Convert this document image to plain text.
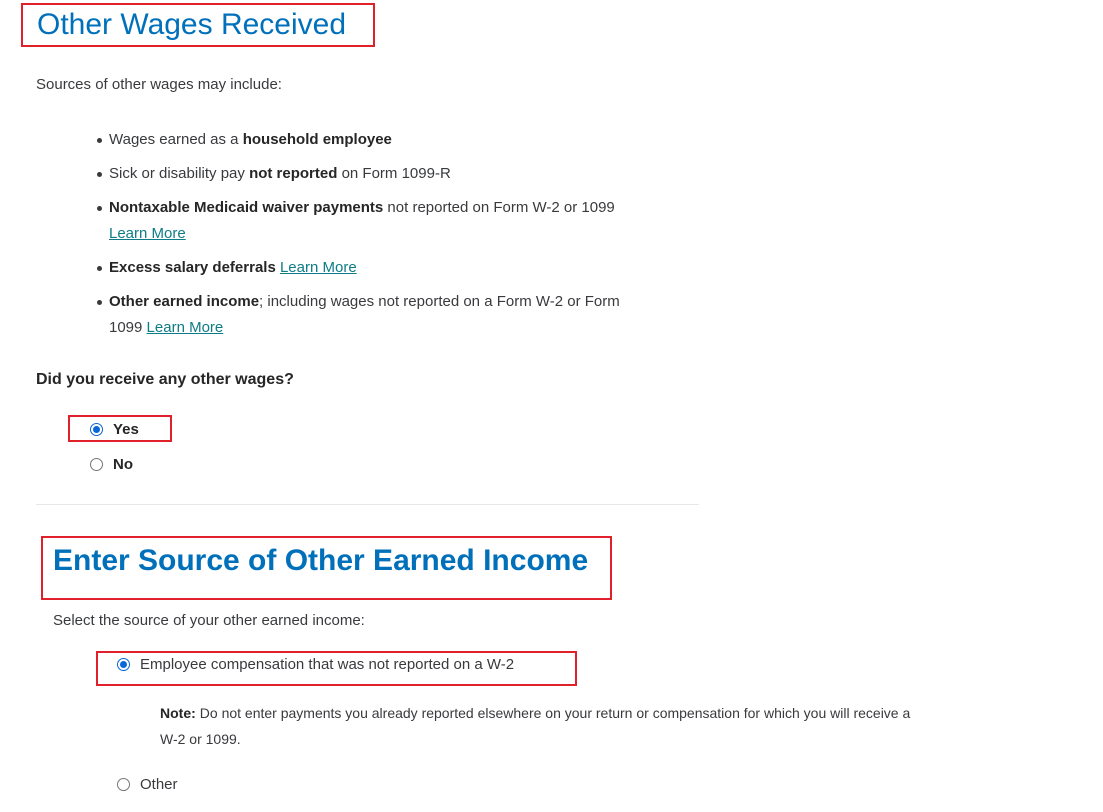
Other Wages Received

Sources of other wages may include:

Wages earned as a household employee
Sick or disability pay not reported on Form 1099-R
Nontaxable Medicaid waiver payments not reported on Form W-2 or 1099 Learn More
Excess salary deferrals Learn More
Other earned income; including wages not reported on a Form W-2 or Form 1099 Learn More

Did you receive any other wages?

Yes
No
Enter Source of Other Earned Income

Select the source of your other earned income:

Employee compensation that was not reported on a W-2
Note: Do not enter payments you already reported elsewhere on your return or compensation for which you will receive a W-2 or 1099.
Other
